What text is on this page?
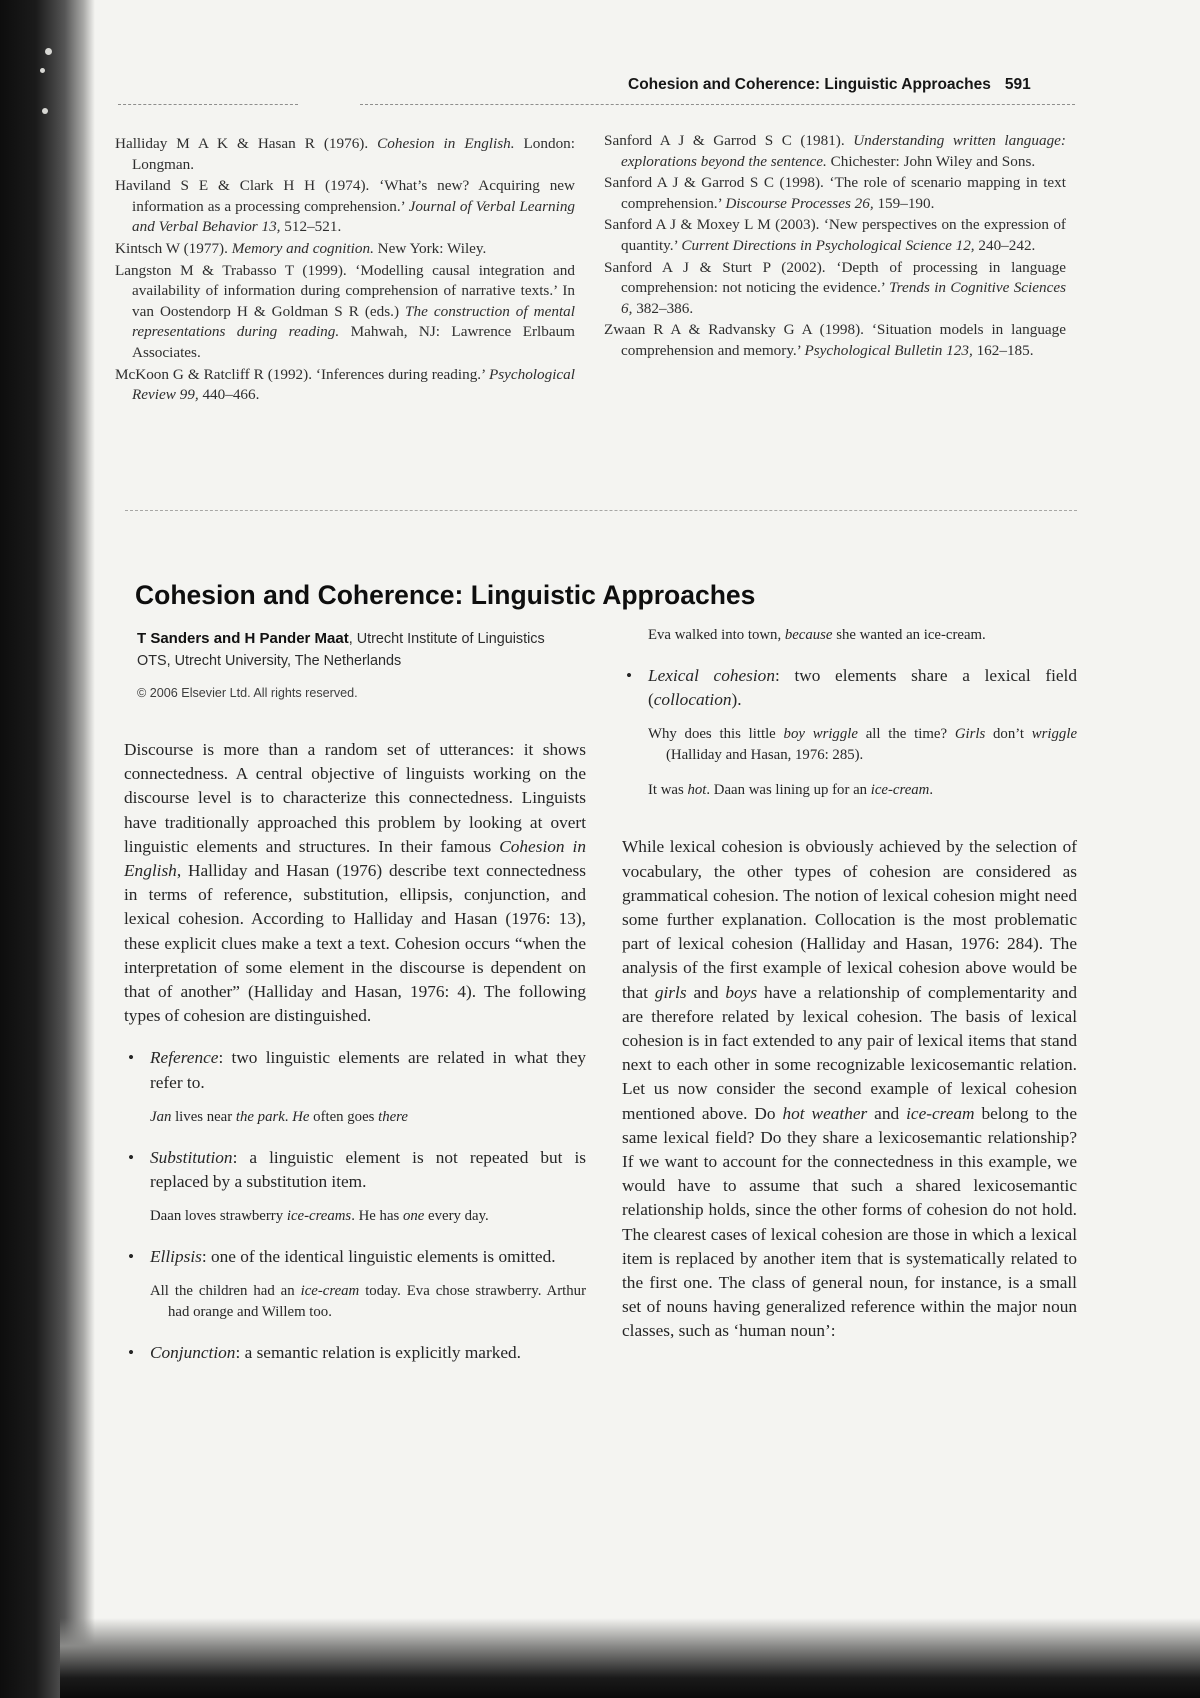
Cohesion and Coherence: Linguistic Approaches 591

Halliday M A K & Hasan R (1976). Cohesion in English. London: Longman.

Haviland S E & Clark H H (1974). ‘What’s new? Acquiring new information as a processing comprehension.’ Journal of Verbal Learning and Verbal Behavior 13, 512–521.

Kintsch W (1977). Memory and cognition. New York: Wiley.

Langston M & Trabasso T (1999). ‘Modelling causal integration and availability of information during comprehension of narrative texts.’ In van Oostendorp H & Goldman S R (eds.) The construction of mental representations during reading. Mahwah, NJ: Lawrence Erlbaum Associates.

McKoon G & Ratcliff R (1992). ‘Inferences during reading.’ Psychological Review 99, 440–466.

Sanford A J & Garrod S C (1981). Understanding written language: explorations beyond the sentence. Chichester: John Wiley and Sons.

Sanford A J & Garrod S C (1998). ‘The role of scenario mapping in text comprehension.’ Discourse Processes 26, 159–190.

Sanford A J & Moxey L M (2003). ‘New perspectives on the expression of quantity.’ Current Directions in Psychological Science 12, 240–242.

Sanford A J & Sturt P (2002). ‘Depth of processing in language comprehension: not noticing the evidence.’ Trends in Cognitive Sciences 6, 382–386.

Zwaan R A & Radvansky G A (1998). ‘Situation models in language comprehension and memory.’ Psychological Bulletin 123, 162–185.

Cohesion and Coherence: Linguistic Approaches
T Sanders and H Pander Maat, Utrecht Institute of Linguistics OTS, Utrecht University, The Netherlands
© 2006 Elsevier Ltd. All rights reserved.

Discourse is more than a random set of utterances: it shows connectedness. A central objective of linguists working on the discourse level is to characterize this connectedness. Linguists have traditionally approached this problem by looking at overt linguistic elements and structures. In their famous Cohesion in English, Halliday and Hasan (1976) describe text connectedness in terms of reference, substitution, ellipsis, conjunction, and lexical cohesion. According to Halliday and Hasan (1976: 13), these explicit clues make a text a text. Cohesion occurs “when the interpretation of some element in the discourse is dependent on that of another” (Halliday and Hasan, 1976: 4). The following types of cohesion are distinguished.

• Reference: two linguistic elements are related in what they refer to.

Jan lives near the park. He often goes there

• Substitution: a linguistic element is not repeated but is replaced by a substitution item.

Daan loves strawberry ice-creams. He has one every day.

• Ellipsis: one of the identical linguistic elements is omitted.

All the children had an ice-cream today. Eva chose strawberry. Arthur had orange and Willem too.

• Conjunction: a semantic relation is explicitly marked.

Eva walked into town, because she wanted an ice-cream.

• Lexical cohesion: two elements share a lexical field (collocation).

Why does this little boy wriggle all the time? Girls don’t wriggle (Halliday and Hasan, 1976: 285).

It was hot. Daan was lining up for an ice-cream.

While lexical cohesion is obviously achieved by the selection of vocabulary, the other types of cohesion are considered as grammatical cohesion. The notion of lexical cohesion might need some further explanation. Collocation is the most problematic part of lexical cohesion (Halliday and Hasan, 1976: 284). The analysis of the first example of lexical cohesion above would be that girls and boys have a relationship of complementarity and are therefore related by lexical cohesion. The basis of lexical cohesion is in fact extended to any pair of lexical items that stand next to each other in some recognizable lexicosemantic relation. Let us now consider the second example of lexical cohesion mentioned above. Do hot weather and ice-cream belong to the same lexical field? Do they share a lexicosemantic relationship? If we want to account for the connectedness in this example, we would have to assume that such a shared lexicosemantic relationship holds, since the other forms of cohesion do not hold. The clearest cases of lexical cohesion are those in which a lexical item is replaced by another item that is systematically related to the first one. The class of general noun, for instance, is a small set of nouns having generalized reference within the major noun classes, such as ‘human noun’:
